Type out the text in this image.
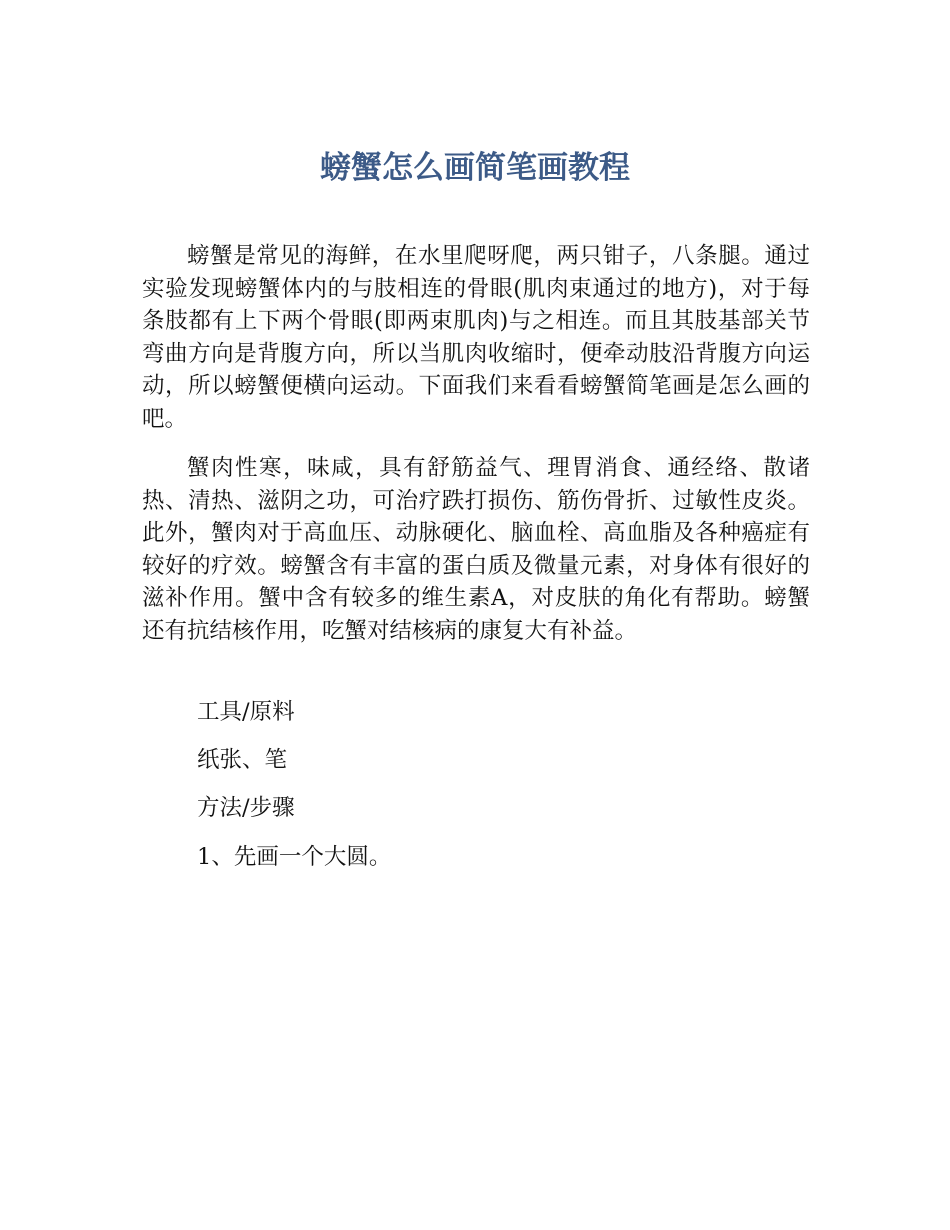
螃蟹怎么画简笔画教程

螃蟹是常见的海鲜，在水里爬呀爬，两只钳子，八条腿。通过实验发现螃蟹体内的与肢相连的骨眼(肌肉束通过的地方)，对于每条肢都有上下两个骨眼(即两束肌肉)与之相连。而且其肢基部关节弯曲方向是背腹方向，所以当肌肉收缩时，便牵动肢沿背腹方向运动，所以螃蟹便横向运动。下面我们来看看螃蟹简笔画是怎么画的吧。

蟹肉性寒，味咸，具有舒筋益气、理胃消食、通经络、散诸热、清热、滋阴之功，可治疗跌打损伤、筋伤骨折、过敏性皮炎。此外，蟹肉对于高血压、动脉硬化、脑血栓、高血脂及各种癌症有较好的疗效。螃蟹含有丰富的蛋白质及微量元素，对身体有很好的滋补作用。蟹中含有较多的维生素A，对皮肤的角化有帮助。螃蟹还有抗结核作用，吃蟹对结核病的康复大有补益。

工具/原料

纸张、笔

方法/步骤

1、先画一个大圆。
